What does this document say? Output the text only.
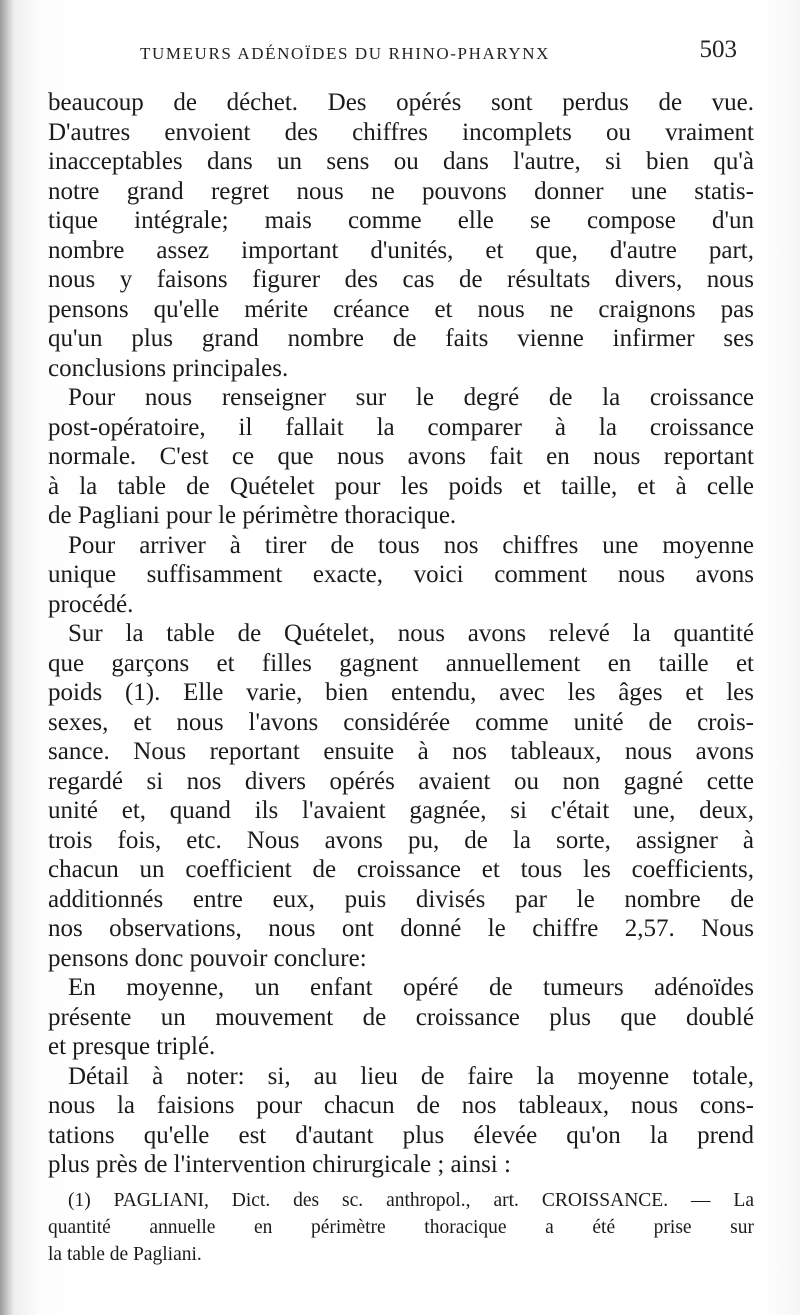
TUMEURS ADÉNOÏDES DU RHINO-PHARYNX	503
beaucoup de déchet. Des opérés sont perdus de vue.
D'autres envoient des chiffres incomplets ou vraiment
inacceptables dans un sens ou dans l'autre, si bien qu'à
notre grand regret nous ne pouvons donner une statis-
tique intégrale; mais comme elle se compose d'un
nombre assez important d'unités, et que, d'autre part,
nous y faisons figurer des cas de résultats divers, nous
pensons qu'elle mérite créance et nous ne craignons pas
qu'un plus grand nombre de faits vienne infirmer ses
conclusions principales.
Pour nous renseigner sur le degré de la croissance
post-opératoire, il fallait la comparer à la croissance
normale. C'est ce que nous avons fait en nous reportant
à la table de Quételet pour les poids et taille, et à celle
de Pagliani pour le périmètre thoracique.
Pour arriver à tirer de tous nos chiffres une moyenne
unique suffisamment exacte, voici comment nous avons
procédé.
Sur la table de Quételet, nous avons relevé la quantité
que garçons et filles gagnent annuellement en taille et
poids (1). Elle varie, bien entendu, avec les âges et les
sexes, et nous l'avons considérée comme unité de crois-
sance. Nous reportant ensuite à nos tableaux, nous avons
regardé si nos divers opérés avaient ou non gagné cette
unité et, quand ils l'avaient gagnée, si c'était une, deux,
trois fois, etc. Nous avons pu, de la sorte, assigner à
chacun un coefficient de croissance et tous les coefficients,
additionnés entre eux, puis divisés par le nombre de
nos observations, nous ont donné le chiffre 2,57. Nous
pensons donc pouvoir conclure:
En moyenne, un enfant opéré de tumeurs adénoïdes
présente un mouvement de croissance plus que doublé
et presque triplé.
Détail à noter: si, au lieu de faire la moyenne totale,
nous la faisions pour chacun de nos tableaux, nous cons-
tations qu'elle est d'autant plus élevée qu'on la prend
plus près de l'intervention chirurgicale ; ainsi :
(1) PAGLIANI, Dict. des sc. anthropol., art. CROISSANCE. — La
quantité annuelle en périmètre thoracique a été prise sur
la table de Pagliani.
